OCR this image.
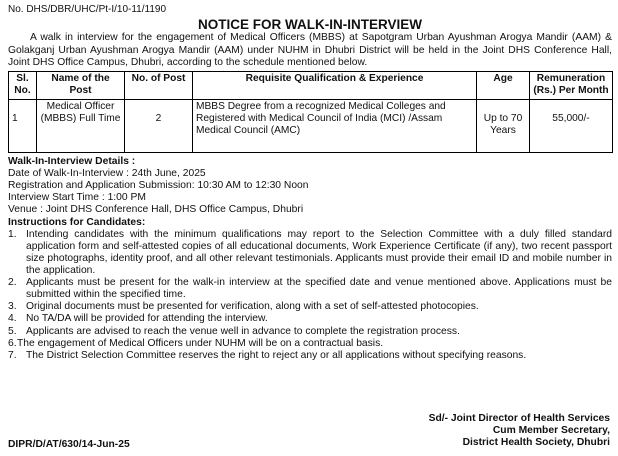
No. DHS/DBR/UHC/Pt-I/10-11/1190
NOTICE FOR WALK-IN-INTERVIEW
A walk in interview for the engagement of Medical Officers (MBBS) at Sapotgram Urban Ayushman Arogya Mandir (AAM) & Golakganj Urban Ayushman Arogya Mandir (AAM) under NUHM in Dhubri District will be held in the Joint DHS Conference Hall, Joint DHS Office Campus, Dhubri, according to the schedule mentioned below.
Sl. No.	Name of the Post	No. of Post	Requisite Qualification & Experience	Age	Remuneration (Rs.) Per Month
1	Medical Officer (MBBS) Full Time	2	MBBS Degree from a recognized Medical Colleges and Registered with Medical Council of India (MCI) /Assam Medical Council (AMC)	Up to 70 Years	55,000/-
Walk-In-Interview Details :
Date of Walk-In-Interview : 24th June, 2025
Registration and Application Submission: 10:30 AM to 12:30 Noon
Interview Start Time : 1:00 PM
Venue : Joint DHS Conference Hall, DHS Office Campus, Dhubri
Instructions for Candidates:
1. Intending candidates with the minimum qualifications may report to the Selection Committee with a duly filled standard application form and self-attested copies of all educational documents, Work Experience Certificate (if any), two recent passport size photographs, identity proof, and all other relevant testimonials. Applicants must provide their email ID and mobile number in the application.
2. Applicants must be present for the walk-in interview at the specified date and venue mentioned above. Applications must be submitted within the specified time.
3. Original documents must be presented for verification, along with a set of self-attested photocopies.
4. No TA/DA will be provided for attending the interview.
5. Applicants are advised to reach the venue well in advance to complete the registration process.
6. The engagement of Medical Officers under NUHM will be on a contractual basis.
7. The District Selection Committee reserves the right to reject any or all applications without specifying reasons.
Sd/- Joint Director of Health Services
Cum Member Secretary,
District Health Society, Dhubri
DIPR/D/AT/630/14-Jun-25
